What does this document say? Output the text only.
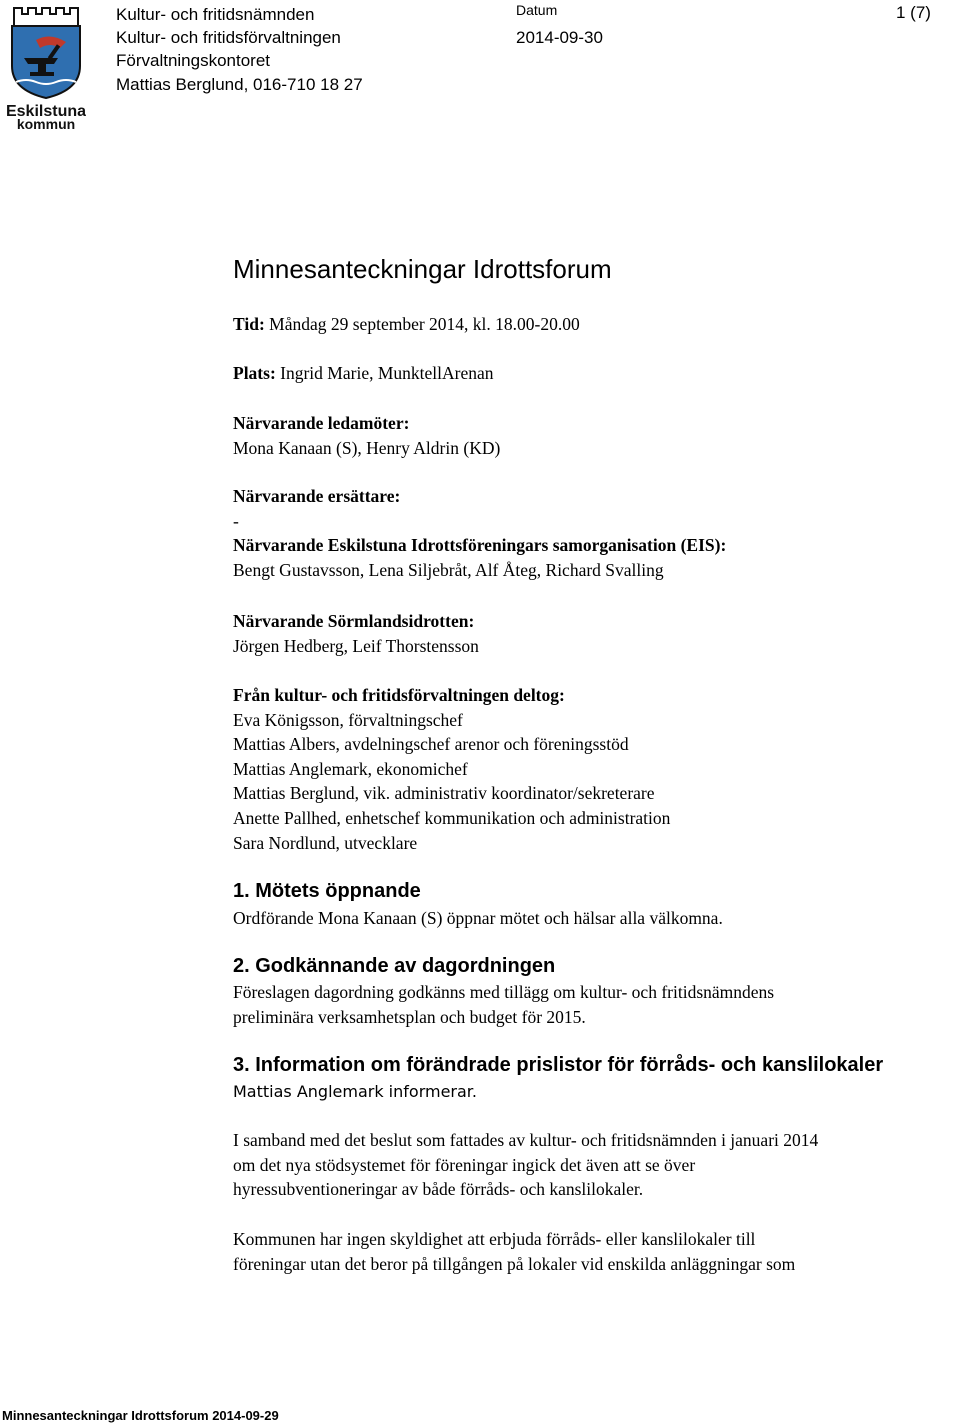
Eskilstuna
kommun
Kultur- och fritidsnämnden
Kultur- och fritidsförvaltningen
Förvaltningskontoret
Mattias Berglund, 016-710 18 27
Datum
2014-09-30
1 (7)
Minnesanteckningar Idrottsforum
Tid: Måndag 29 september 2014, kl. 18.00-20.00
Plats: Ingrid Marie, MunktellArenan
Närvarande ledamöter:
Mona Kanaan (S), Henry Aldrin (KD)
Närvarande ersättare:
-
Närvarande Eskilstuna Idrottsföreningars samorganisation (EIS):
Bengt Gustavsson, Lena Siljebråt, Alf Åteg, Richard Svalling
Närvarande Sörmlandsidrotten:
Jörgen Hedberg, Leif Thorstensson
Från kultur- och fritidsförvaltningen deltog:
Eva Königsson, förvaltningschef
Mattias Albers, avdelningschef arenor och föreningsstöd
Mattias Anglemark, ekonomichef
Mattias Berglund, vik. administrativ koordinator/sekreterare
Anette Pallhed, enhetschef kommunikation och administration
Sara Nordlund, utvecklare
1. Mötets öppnande
Ordförande Mona Kanaan (S) öppnar mötet och hälsar alla välkomna.
2. Godkännande av dagordningen
Föreslagen dagordning godkänns med tillägg om kultur- och fritidsnämndens
preliminära verksamhetsplan och budget för 2015.
3. Information om förändrade prislistor för förråds- och kanslilokaler
Mattias Anglemark informerar.
I samband med det beslut som fattades av kultur- och fritidsnämnden i januari 2014
om det nya stödsystemet för föreningar ingick det även att se över
hyressubventioneringar av både förråds- och kanslilokaler.
Kommunen har ingen skyldighet att erbjuda förråds- eller kanslilokaler till
föreningar utan det beror på tillgången på lokaler vid enskilda anläggningar som
Minnesanteckningar Idrottsforum 2014-09-29
